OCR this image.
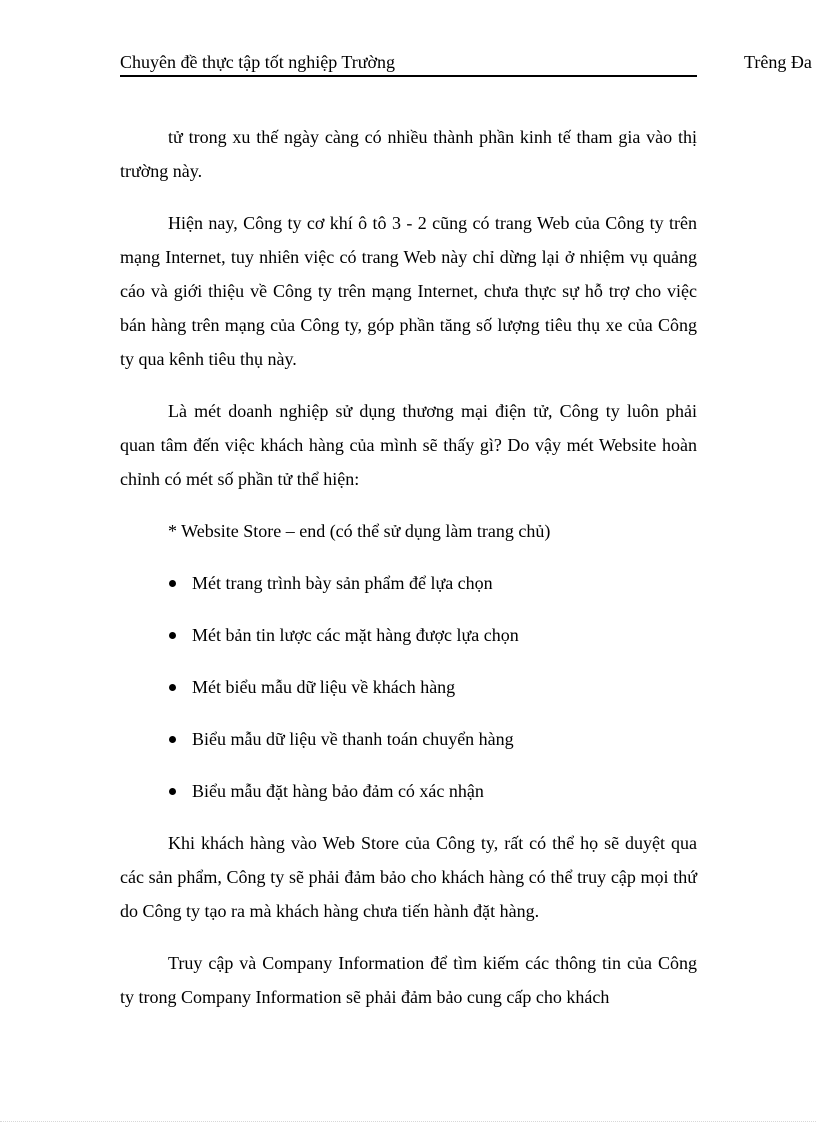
Chuyên đề thực tập tốt nghiệp Trường	Trêng Đa

tử trong xu thế ngày càng có nhiều thành phần kinh tế tham gia vào thị trường này.

Hiện nay, Công ty cơ khí ô tô 3 - 2 cũng có trang Web của Công ty trên mạng Internet, tuy nhiên việc có trang Web này chỉ dừng lại ở nhiệm vụ quảng cáo và giới thiệu về Công ty trên mạng Internet, chưa thực sự hỗ trợ cho việc bán hàng trên mạng của Công ty, góp phần tăng số lượng tiêu thụ xe của Công ty qua kênh tiêu thụ này.

Là mét doanh nghiệp sử dụng thương mại điện tử, Công ty luôn phải quan tâm đến việc khách hàng của mình sẽ thấy gì? Do vậy mét Website hoàn chỉnh có mét số phần tử thể hiện:

* Website Store – end (có thể sử dụng làm trang chủ)
Mét trang trình bày sản phẩm để lựa chọn
Mét bản tin lược các mặt hàng được lựa chọn
Mét biểu mẫu dữ liệu về khách hàng
Biểu mẫu dữ liệu về thanh toán chuyển hàng
Biểu mẫu đặt hàng bảo đảm có xác nhận

Khi khách hàng vào Web Store của Công ty, rất có thể họ sẽ duyệt qua các sản phẩm, Công ty sẽ phải đảm bảo cho khách hàng có thể truy cập mọi thứ do Công ty tạo ra mà khách hàng chưa tiến hành đặt hàng.

Truy cập và Company Information để tìm kiếm các thông tin của Công ty trong Company Information sẽ phải đảm bảo cung cấp cho khách
